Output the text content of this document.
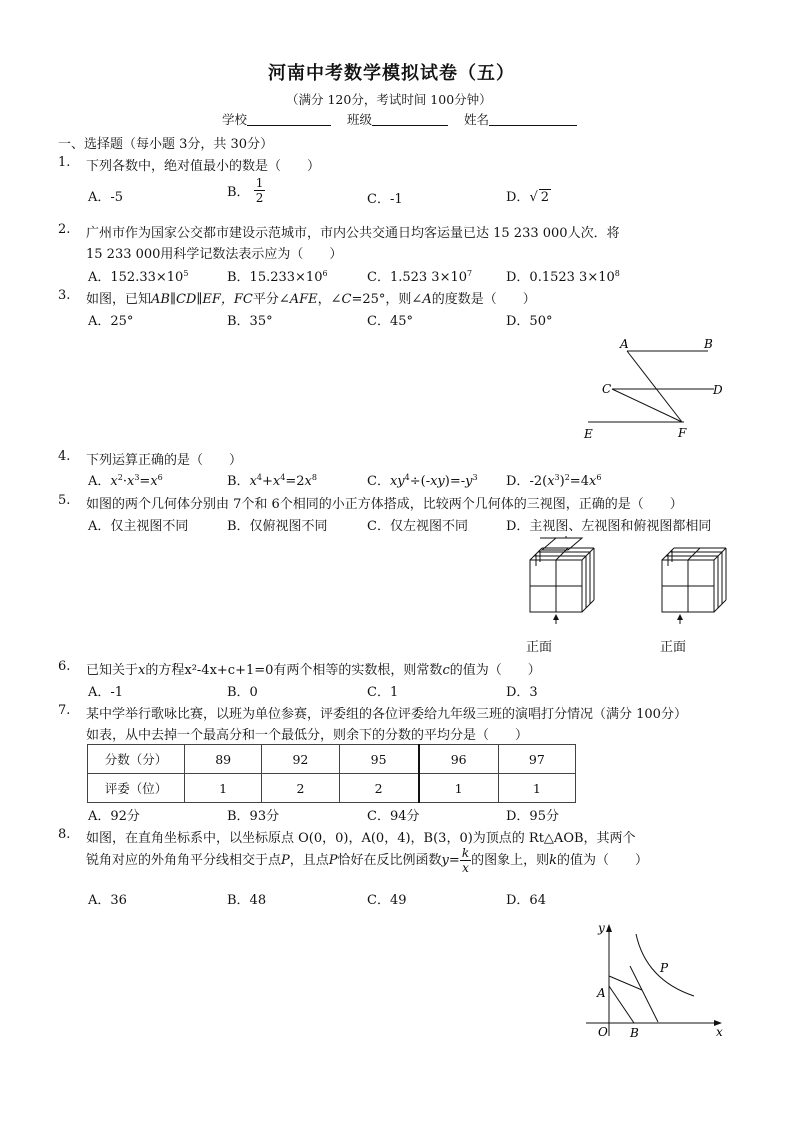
河南中考数学模拟试卷（五）
（满分 120分，考试时间 100分钟）
学校	班级	姓名
一、选择题（每小题 3分，共 30分）
1. 下列各数中，绝对值最小的数是（　　）
A．-5	B． $\frac{1}{2}$	C．-1	D．√ 2
2. 广州市作为国家公交都市建设示范城市，市内公共交通日均客运量已达 15 233 000人次．将
15 233 000用科学记数法表示应为（　　）
A．$152.33\times 10^5$	B．$15.233\times 10^6$	C．1.523 $3\times 10^7$	D．0.1523 $3\times 10^8$
3. 如图，已知AB∥CD∥EF，FC平分∠AFE，∠C=25°，则∠A的度数是（　　）
A．25°	B．35°	C．45°	D．50°
A	B
C	D
E	F
4. 下列运算正确的是（　　）
A．$x^2\cdot x^3=x^6$	B．$x^4+x^4=2x^8$	C．$xy^4\div(-xy)=-y^3$ D．$-2(x^3)^2=4x^6$
5. 如图的两个几何体分别由 7个和 6个相同的小正方体搭成，比较两个几何体的三视图，正确的是（　　）
A．仅主视图不同	B．仅俯视图不同	C．仅左视图不同	D．主视图、左视图和俯视图都相同
正面	正面
6. 已知关于x的方程x²-4x+c+1=0有两个相等的实数根，则常数c的值为（　　）
A．-1	B．0	C．1	D．3
7. 某中学举行歌咏比赛，以班为单位参赛，评委组的各位评委给九年级三班的演唱打分情况（满分 100分）
如表，从中去掉一个最高分和一个最低分，则余下的分数的平均分是（　　）
分数（分）	89	92	95	96	97
评委（位）	1	2	2	1	1
A．92分	B．93分	C．94分	D．95分
8. 如图，在直角坐标系中，以坐标原点 O(0，0)，A(0，4)，B(3，0)为顶点的 Rt△AOB，其两个
锐角对应的外角角平分线相交于点P，且点P恰好在反比例函数$y= \frac{k}{x}$ 的图象上，则k的值为（　　）
A．36	B．48	C．49	D．64
y
x
O
A
B
P
